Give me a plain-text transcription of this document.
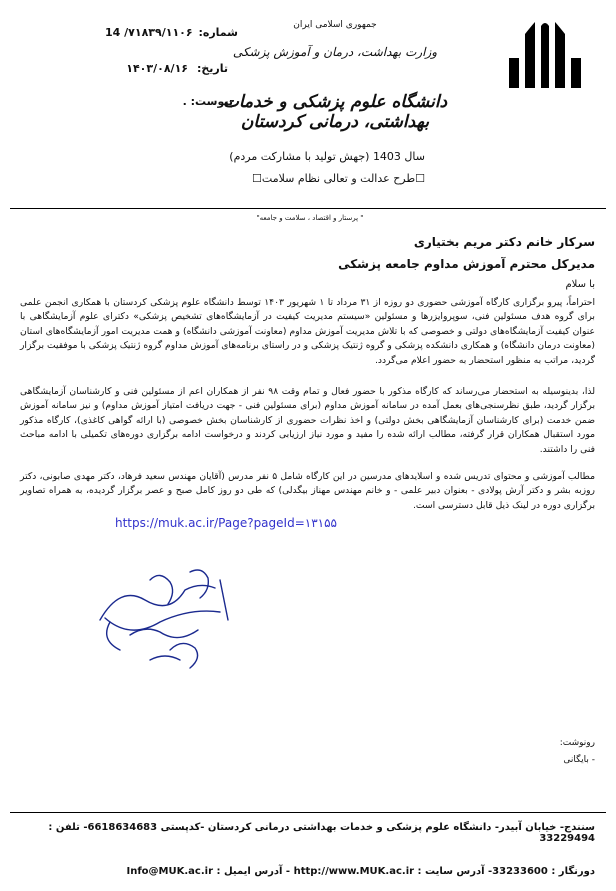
جمهوری اسلامی ایران
وزارت بهداشت، درمان و آموزش پزشکی
دانشگاه علوم پزشکی و خدمات بهداشتی، درمانی کردستان
شماره:
14 /۷۱۸۳۹/۱۱۰۶
تاریخ:
۱۴۰۳/۰۸/۱۶
پیوست: .
سال 1403 (جهش تولید با مشارکت مردم)
☐طرح عدالت و تعالی نظام سلامت☐
" پرستار و اقتصاد ، سلامت و جامعه"
سرکار خانم دکتر مریم بختیاری
مدیرکل محترم آموزش مداوم جامعه پزشکی
با سلام
احتراماً، پیرو برگزاری کارگاه آموزشی حضوری دو روزه از ۳۱ مرداد تا ۱ شهریور ۱۴۰۳ توسط دانشگاه علوم پزشکی کردستان با همکاری انجمن علمی برای گروه هدف مسئولین فنی، سوپروایزرها و مسئولین «سیستم مدیریت کیفیت در آزمایشگاه‌های تشخیص پزشکی» دکترای علوم آزمایشگاهی با عنوان کیفیت آزمایشگاه‌های دولتی و خصوصی که با تلاش مدیریت آموزش مداوم (معاونت آموزشی دانشگاه) و همت مدیریت امور آزمایشگاه‌های استان (معاونت درمان دانشگاه) و همکاری دانشکده پزشکی و گروه ژنتیک پزشکی و در راستای برنامه‌های آموزش مداوم گروه ژنتیک پزشکی با موفقیت برگزار گردید، مراتب به منظور استحضار به حضور اعلام می‌گردد.
لذا، بدینوسیله به استحضار می‌رساند که کارگاه مذکور با حضور فعال و تمام وقت ۹۸ نفر از همکاران اعم از مسئولین فنی و کارشناسان آزمایشگاهی برگزار گردید، طبق نظرسنجی‌های بعمل آمده در سامانه آموزش مداوم (برای مسئولین فنی - جهت دریافت امتیاز آموزش مداوم) و نیز سامانه آموزش ضمن خدمت (برای کارشناسان آزمایشگاهی بخش دولتی) و اخذ نظرات حضوری از کارشناسان بخش خصوصی (با ارائه گواهی کاغذی)، کارگاه مذکور مورد استقبال همکاران قرار گرفته، مطالب ارائه شده را مفید و مورد نیاز ارزیابی کردند و درخواست ادامه برگزاری دوره‌های تکمیلی با ادامه مباحث فنی را داشتند.
مطالب آموزشی و محتوای تدریس شده و اسلایدهای مدرسین در این کارگاه شامل ۵ نفر مدرس (آقایان مهندس سعید فرهاد، دکتر مهدی صابونی، دکتر روزبه بشر و دکتر آرش پولادی - بعنوان دبیر علمی - و خانم مهندس مهناز بیگدلی) که طی دو روز کامل صبح و عصر برگزار گردیده، به همراه تصاویر برگزاری دوره در لینک ذیل قابل دسترسی است.
https://muk.ac.ir/Page?pageId=۱۳۱۵۵
رونوشت:
- بایگانی
سنندج- خیابان آبیدر- دانشگاه علوم پزشکی و خدمات بهداشتی درمانی کردستان -کدپستی 6618634683- تلفن : 33229494
دورنگار : 33233600- آدرس سایت : http://www.MUK.ac.ir - آدرس ایمیل : Info@MUK.ac.ir
